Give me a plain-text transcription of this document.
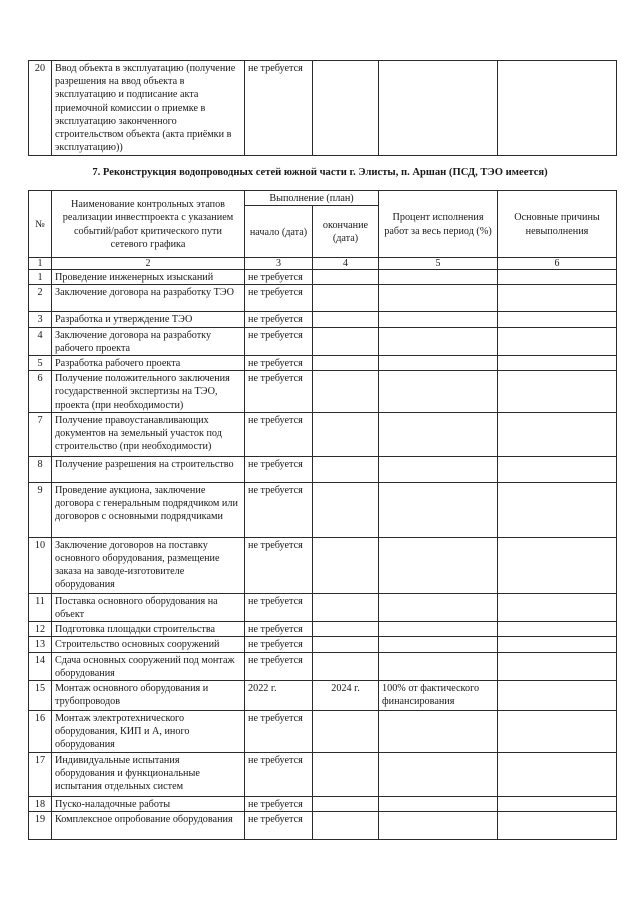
20	Ввод объекта в эксплуатацию (получение разрешения на ввод объекта в эксплуатацию и подписание акта приемочной комиссии о приемке в эксплуатацию законченного строительством объекта (акта приёмки в эксплуатацию))	не требуется			
7. Реконструкция водопроводных сетей южной части г. Элисты, п. Аршан (ПСД, ТЭО имеется)
№	Наименование контрольных этапов реализации инвестпроекта с указанием событий/работ критического пути сетевого графика	Выполнение (план)		Процент исполнения работ за весь период (%)	Основные причины невыполнения
		начало (дата)	окончание (дата)		
1	2	3	4	5	6
1	Проведение инженерных изысканий	не требуется			
2	Заключение договора на разработку ТЭО	не требуется			
3	Разработка и утверждение ТЭО	не требуется			
4	Заключение договора на разработку рабочего проекта	не требуется			
5	Разработка рабочего проекта	не требуется			
6	Получение положительного заключения государственной экспертизы на ТЭО, проекта (при необходимости)	не требуется			
7	Получение правоустанавливающих документов на земельный участок под строительство (при необходимости)	не требуется			
8	Получение разрешения на строительство	не требуется			
9	Проведение аукциона, заключение договора с генеральным подрядчиком или договоров с основными подрядчиками	не требуется			
10	Заключение договоров на поставку основного оборудования, размещение заказа на заводе-изготовителе оборудования	не требуется			
11	Поставка основного оборудования на объект	не требуется			
12	Подготовка площадки строительства	не требуется			
13	Строительство основных сооружений	не требуется			
14	Сдача основных сооружений под монтаж оборудования	не требуется			
15	Монтаж основного оборудования и трубопроводов	2022 г.	2024 г.	100% от фактического финансирования	
16	Монтаж электротехнического оборудования, КИП и А, иного оборудования	не требуется			
17	Индивидуальные испытания оборудования и функциональные испытания отдельных систем	не требуется			
18	Пуско-наладочные работы	не требуется			
19	Комплексное опробование оборудования	не требуется			
